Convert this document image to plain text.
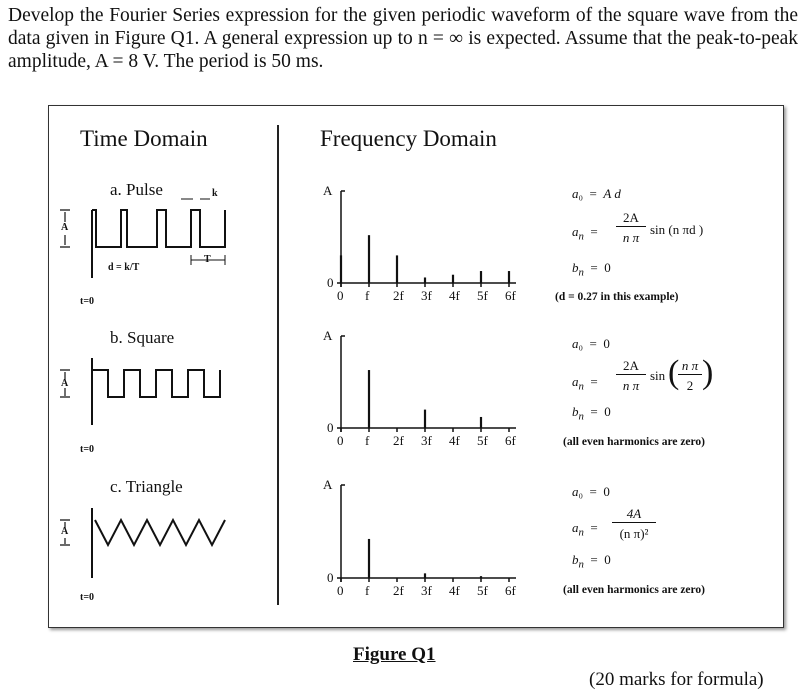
Develop the Fourier Series expression for the given periodic waveform of the square wave from the data given in Figure Q1. A general expression up to n = ∞ is expected. Assume that the peak-to-peak amplitude, A = 8 V. The period is 50 ms.
Time Domain	Frequency Domain
a. Pulse
A
d = k/T
k
T
t=0
b. Square
A
t=0
c. Triangle
A
t=0
a₀  =  A d
$a_n$  =
2A
n π
sin (n πd )
$b_n = 0$
(d = 0.27 in this example)
a₀  =  0
$a_n$  =
2A
n π
sin ( n π
2 )
$b_n = 0$
(all even harmonics are zero)
a₀  =  0
$a_n$  =
4A
(n π)²
$b_n = 0$
(all even harmonics are zero)
Figure Q1
(20 marks for formula)
A
0
0 f 2f 3f 4f 5f 6f
A
0
0 f 2f 3f 4f 5f 6f
A
0
0 f 2f 3f 4f 5f 6f
